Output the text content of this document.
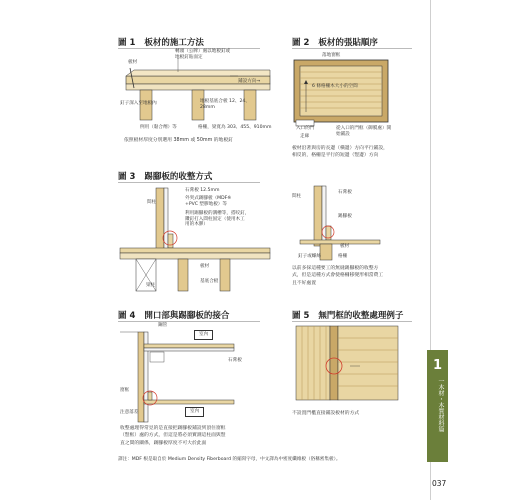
圖 1 板材的施工方法
轉頭（公牌）處以地板釘或
地板釘貼面定
板材
鋪設方向→
釘子深入至地板內	地板基底合板 12、24、
28mm
例用（黏合劑）等	格柵，梁寬為 303、455、910mm
依照板材厚度分別選用 38mm 或 50mm 的地板釘
圖 2 板材的張貼順序
落地窗框
6 條格柵木大小的空間
入口的門
走廊
從入口的門框（御膜處）開
始鋪設
板材沿著與房的長邊（橫邊）方向平行鋪設，
相反的，格柵是平行的短邊（豎邊）方向
圖 3 踢腳板的收整方式
石膏板 12.5mm
外突式踢腳板（MDF※
+PVC 塑膠地板）等
間柱
利用踢腳板的溝槽等，搭咬釘，
鑽釘打入間柱固定（使用木工
用的木膠）
板材
基底合板
梁柱
間柱
石膏板
踢腳板
板材
釘子或螺絲	格柵
以前多採這種要工的無縫踢腳板的收整方
式，但是這種方式會使格柵移變形相當費工
且不好處置
圖 4 開口部與踢腳板的接合
鋼管
室內
石膏板
窗框
注意落差	室內
收整處理得常見的是直接把踢腳板鋪設到頂住窗框
（豎框）處的方式，但這是將必須實測這柱面與豎
直之間的關係，踢腳板厚度不可大於此面
圖 5 無門框的收整處理例子
不設置門檻直接鋪設板材的方式
譯注：MDF 根是取自於 Medium Density Fiberboard 的縮寫字母，中文譯為中密度纖維板（俗稱密集板）。
1
一木材・木質材料篇
037
